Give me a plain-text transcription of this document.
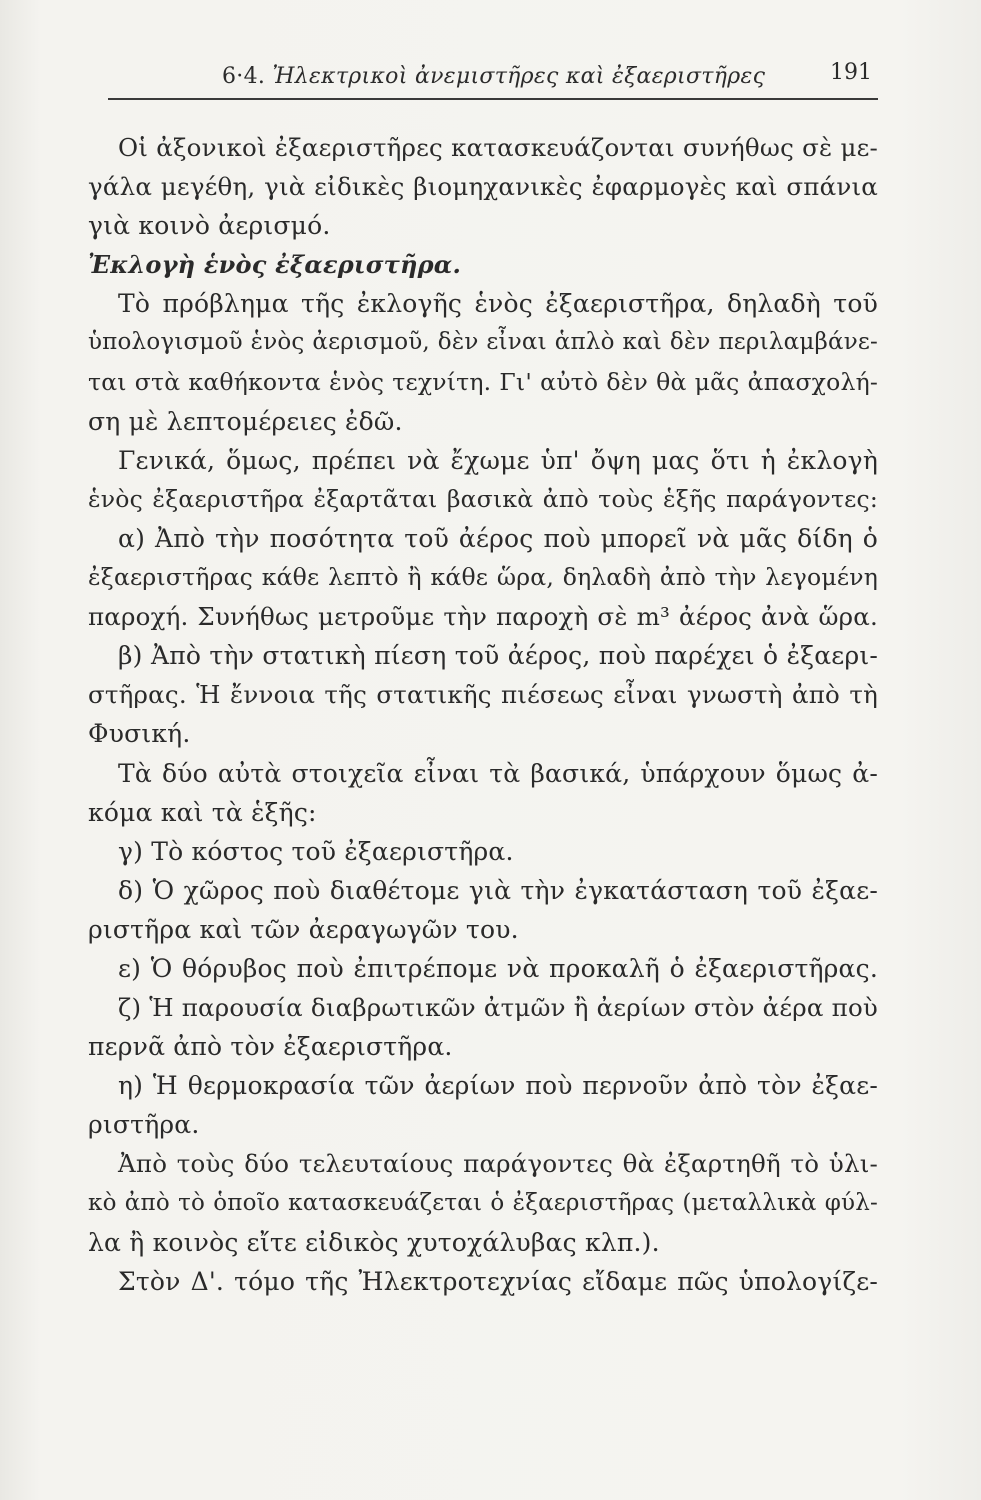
6·4. Ἠλεκτρικοὶ ἀνεμιστῆρες καὶ ἐξαεριστῆρες	191
Οἱ ἀξονικοὶ ἐξαεριστῆρες κατασκευάζονται συνήθως σὲ με-
γάλα μεγέθη, γιὰ εἰδικὲς βιομηχανικὲς ἐφαρμογὲς καὶ σπάνια
γιὰ κοινὸ ἀερισμό.
Ἐκλογὴ ἑνὸς ἐξαεριστῆρα.
Τὸ πρόβλημα τῆς ἐκλογῆς ἑνὸς ἐξαεριστῆρα, δηλαδὴ τοῦ
ὑπολογισμοῦ ἑνὸς ἀερισμοῦ, δὲν εἶναι ἁπλὸ καὶ δὲν περιλαμβάνε-
ται στὰ καθήκοντα ἑνὸς τεχνίτη. Γι' αὐτὸ δὲν θὰ μᾶς ἀπασχολή-
ση μὲ λεπτομέρειες ἐδῶ.
Γενικά, ὅμως, πρέπει νὰ ἔχωμε ὑπ' ὄψη μας ὅτι ἡ ἐκλογὴ
ἑνὸς ἐξαεριστῆρα ἐξαρτᾶται βασικὰ ἀπὸ τοὺς ἑξῆς παράγοντες:
α) Ἀπὸ τὴν ποσότητα τοῦ ἀέρος ποὺ μπορεῖ νὰ μᾶς δίδη ὁ
ἐξαεριστῆρας κάθε λεπτὸ ἢ κάθε ὥρα, δηλαδὴ ἀπὸ τὴν λεγομένη
παροχή. Συνήθως μετροῦμε τὴν παροχὴ σὲ m³ ἀέρος ἀνὰ ὥρα.
β) Ἀπὸ τὴν στατικὴ πίεση τοῦ ἀέρος, ποὺ παρέχει ὁ ἐξαερι-
στῆρας. Ἡ ἔννοια τῆς στατικῆς πιέσεως εἶναι γνωστὴ ἀπὸ τὴ
Φυσική.
Τὰ δύο αὐτὰ στοιχεῖα εἶναι τὰ βασικά, ὑπάρχουν ὅμως ἀ-
κόμα καὶ τὰ ἑξῆς:
γ) Τὸ κόστος τοῦ ἐξαεριστῆρα.
δ) Ὁ χῶρος ποὺ διαθέτομε γιὰ τὴν ἐγκατάσταση τοῦ ἐξαε-
ριστῆρα καὶ τῶν ἀεραγωγῶν του.
ε) Ὁ θόρυβος ποὺ ἐπιτρέπομε νὰ προκαλῆ ὁ ἐξαεριστῆρας.
ζ) Ἡ παρουσία διαβρωτικῶν ἀτμῶν ἢ ἀερίων στὸν ἀέρα ποὺ
περνᾶ ἀπὸ τὸν ἐξαεριστῆρα.
η) Ἡ θερμοκρασία τῶν ἀερίων ποὺ περνοῦν ἀπὸ τὸν ἐξαε-
ριστῆρα.
Ἀπὸ τοὺς δύο τελευταίους παράγοντες θὰ ἐξαρτηθῆ τὸ ὑλι-
κὸ ἀπὸ τὸ ὁποῖο κατασκευάζεται ὁ ἐξαεριστῆρας (μεταλλικὰ φύλ-
λα ἢ κοινὸς εἴτε εἰδικὸς χυτοχάλυβας κλπ.).
Στὸν Δ'. τόμο τῆς Ἠλεκτροτεχνίας εἴδαμε πῶς ὑπολογίζε-
